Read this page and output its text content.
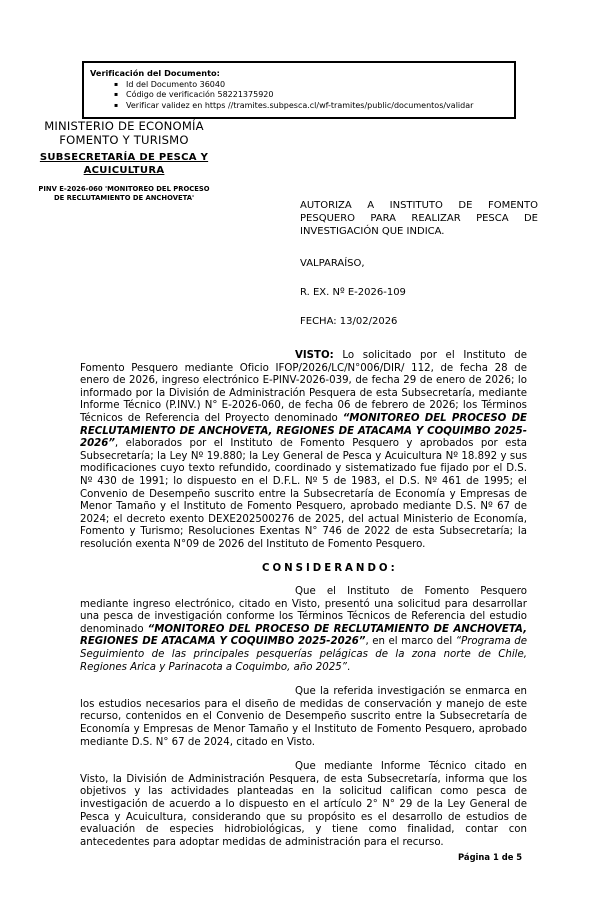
Verificación del Documento:
▪ Id del Documento 36040
▪ Código de verificación 58221375920
▪ Verificar validez en https //tramites.subpesca.cl/wf-tramites/public/documentos/validar
MINISTERIO DE ECONOMÍA
FOMENTO Y TURISMO
SUBSECRETARÍA DE PESCA Y
ACUICULTURA
PINV E-2026-060 'MONITOREO DEL PROCESO DE RECLUTAMIENTO DE ANCHOVETA'
AUTORIZA A INSTITUTO DE FOMENTO PESQUERO PARA REALIZAR PESCA DE INVESTIGACIÓN QUE INDICA.
VALPARAÍSO,
R. EX. Nº E-2026-109
FECHA: 13/02/2026

VISTO: Lo solicitado por el Instituto de Fomento Pesquero mediante Oficio IFOP/2026/LC/N°006/DIR/ 112, de fecha 28 de enero de 2026, ingreso electrónico E-PINV-2026-039, de fecha 29 de enero de 2026; lo informado por la División de Administración Pesquera de esta Subsecretaría, mediante Informe Técnico (P.INV.) N° E-2026-060, de fecha 06 de febrero de 2026; los Términos Técnicos de Referencia del Proyecto denominado “MONITOREO DEL PROCESO DE RECLUTAMIENTO DE ANCHOVETA, REGIONES DE ATACAMA Y COQUIMBO 2025-2026”, elaborados por el Instituto de Fomento Pesquero y aprobados por esta Subsecretaría; la Ley Nº 19.880; la Ley General de Pesca y Acuicultura Nº 18.892 y sus modificaciones cuyo texto refundido, coordinado y sistematizado fue fijado por el D.S. Nº 430 de 1991; lo dispuesto en el D.F.L. Nº 5 de 1983, el D.S. Nº 461 de 1995; el Convenio de Desempeño suscrito entre la Subsecretaría de Economía y Empresas de Menor Tamaño y el Instituto de Fomento Pesquero, aprobado mediante D.S. Nº 67 de 2024; el decreto exento DEXE202500276 de 2025, del actual Ministerio de Economía, Fomento y Turismo; Resoluciones Exentas N° 746 de 2022 de esta Subsecretaría; la resolución exenta N°09 de 2026 del Instituto de Fomento Pesquero.

CONSIDERANDO:

Que el Instituto de Fomento Pesquero mediante ingreso electrónico, citado en Visto, presentó una solicitud para desarrollar una pesca de investigación conforme los Términos Técnicos de Referencia del estudio denominado “MONITOREO DEL PROCESO DE RECLUTAMIENTO DE ANCHOVETA, REGIONES DE ATACAMA Y COQUIMBO 2025-2026”, en el marco del “Programa de Seguimiento de las principales pesquerías pelágicas de la zona norte de Chile, Regiones Arica y Parinacota a Coquimbo, año 2025”.

Que la referida investigación se enmarca en los estudios necesarios para el diseño de medidas de conservación y manejo de este recurso, contenidos en el Convenio de Desempeño suscrito entre la Subsecretaría de Economía y Empresas de Menor Tamaño y el Instituto de Fomento Pesquero, aprobado mediante D.S. N° 67 de 2024, citado en Visto.

Que mediante Informe Técnico citado en Visto, la División de Administración Pesquera, de esta Subsecretaría, informa que los objetivos y las actividades planteadas en la solicitud califican como pesca de investigación de acuerdo a lo dispuesto en el artículo 2° N° 29 de la Ley General de Pesca y Acuicultura, considerando que su propósito es el desarrollo de estudios de evaluación de especies hidrobiológicas, y tiene como finalidad, contar con antecedentes para adoptar medidas de administración para el recurso.

Página 1 de 5
